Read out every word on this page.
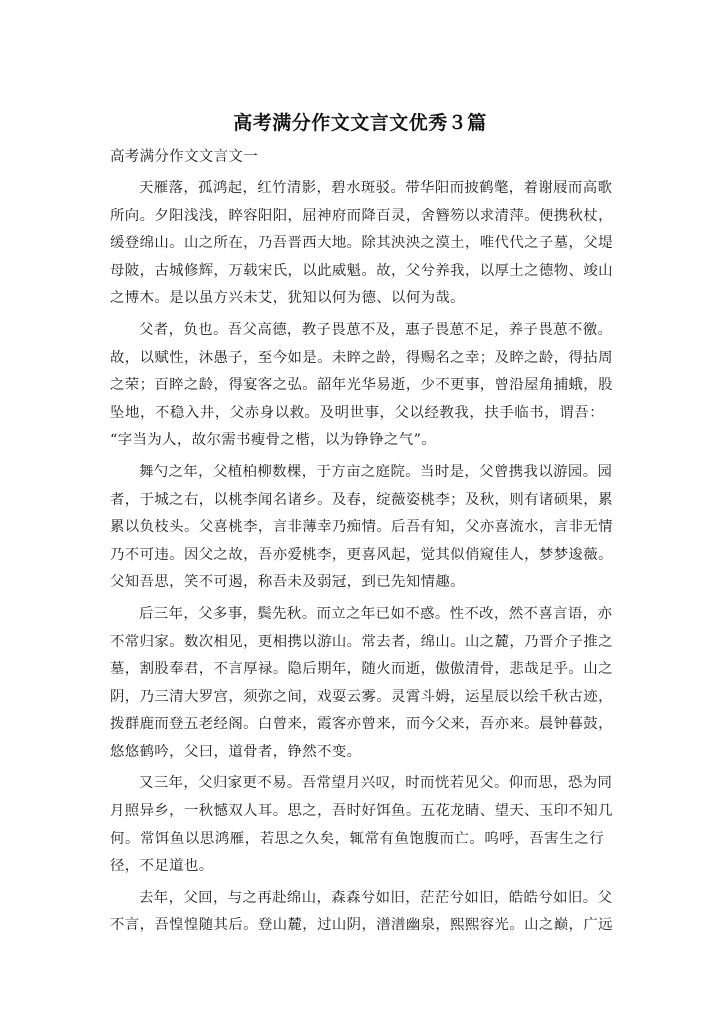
高考满分作文文言文优秀３篇
高考满分作文文言文一
天雁落，孤鸿起，红竹清影，碧水斑驳。带华阳而披鹤氅，着谢屐而高歌
所向。夕阳浅浅，睟容阳阳，屈神府而降百灵，舍簪笏以求清萍。便携秋杖，
缓登绵山。山之所在，乃吾晋西大地。除其泱泱之漠土，唯代代之子墓，父堤
母陂，古城修辉，万载宋氏，以此威魁。故，父兮养我，以厚土之德物、竣山
之博木。是以虽方兴未艾，犹知以何为德、以何为哉。
父者，负也。吾父高德，教子畏葸不及，惠子畏葸不足，养子畏葸不徼。
故，以赋性，沐愚子，至今如是。未睟之龄，得赐名之幸；及睟之龄，得拈周
之荣；百睟之龄，得宴客之弘。韶年光华易逝，少不更事，曾沿屋角捕蛾，股
坠地，不稳入井，父赤身以救。及明世事，父以经教我，扶手临书，谓吾：
“字当为人，故尔需书瘦骨之楷，以为铮铮之气”。
舞勺之年，父植柏柳数棵，于方亩之庭院。当时是，父曾携我以游园。园
者，于城之右，以桃李闻名诸乡。及春，绽薇姿桃李；及秋，则有诸硕果，累
累以负枝头。父喜桃李，言非薄幸乃痴情。后吾有知，父亦喜流水，言非无情
乃不可违。因父之故，吾亦爱桃李，更喜风起，觉其似俏窥佳人，梦梦逡薇。
父知吾思，笑不可遏，称吾未及弱冠，到已先知情趣。
后三年，父多事，鬓先秋。而立之年已如不惑。性不改，然不喜言语，亦
不常归家。数次相见，更相携以游山。常去者，绵山。山之麓，乃晋介子推之
墓，割股奉君，不言厚禄。隐后期年，随火而逝，傲傲清骨，悲哉足乎。山之
阴，乃三清大罗宫，须弥之间，戏耍云雾。灵霄斗姆，运星辰以绘千秋古迹，
拨群鹿而登五老经阁。白曾来，霞客亦曾来，而今父来，吾亦来。晨钟暮鼓，
悠悠鹤吟，父曰，道骨者，铮然不变。
又三年，父归家更不易。吾常望月兴叹，时而恍若见父。仰而思，恐为同
月照异乡，一秋憾双人耳。思之，吾时好饵鱼。五花龙睛、望天、玉印不知几
何。常饵鱼以思鸿雁，若思之久矣，辄常有鱼饱腹而亡。呜呼，吾害生之行
径，不足道也。
去年，父回，与之再赴绵山，森森兮如旧，茫茫兮如旧，皓皓兮如旧。父
不言，吾惶惶随其后。登山麓，过山阴，潽潽幽泉，熙熙容光。山之巅，广远
